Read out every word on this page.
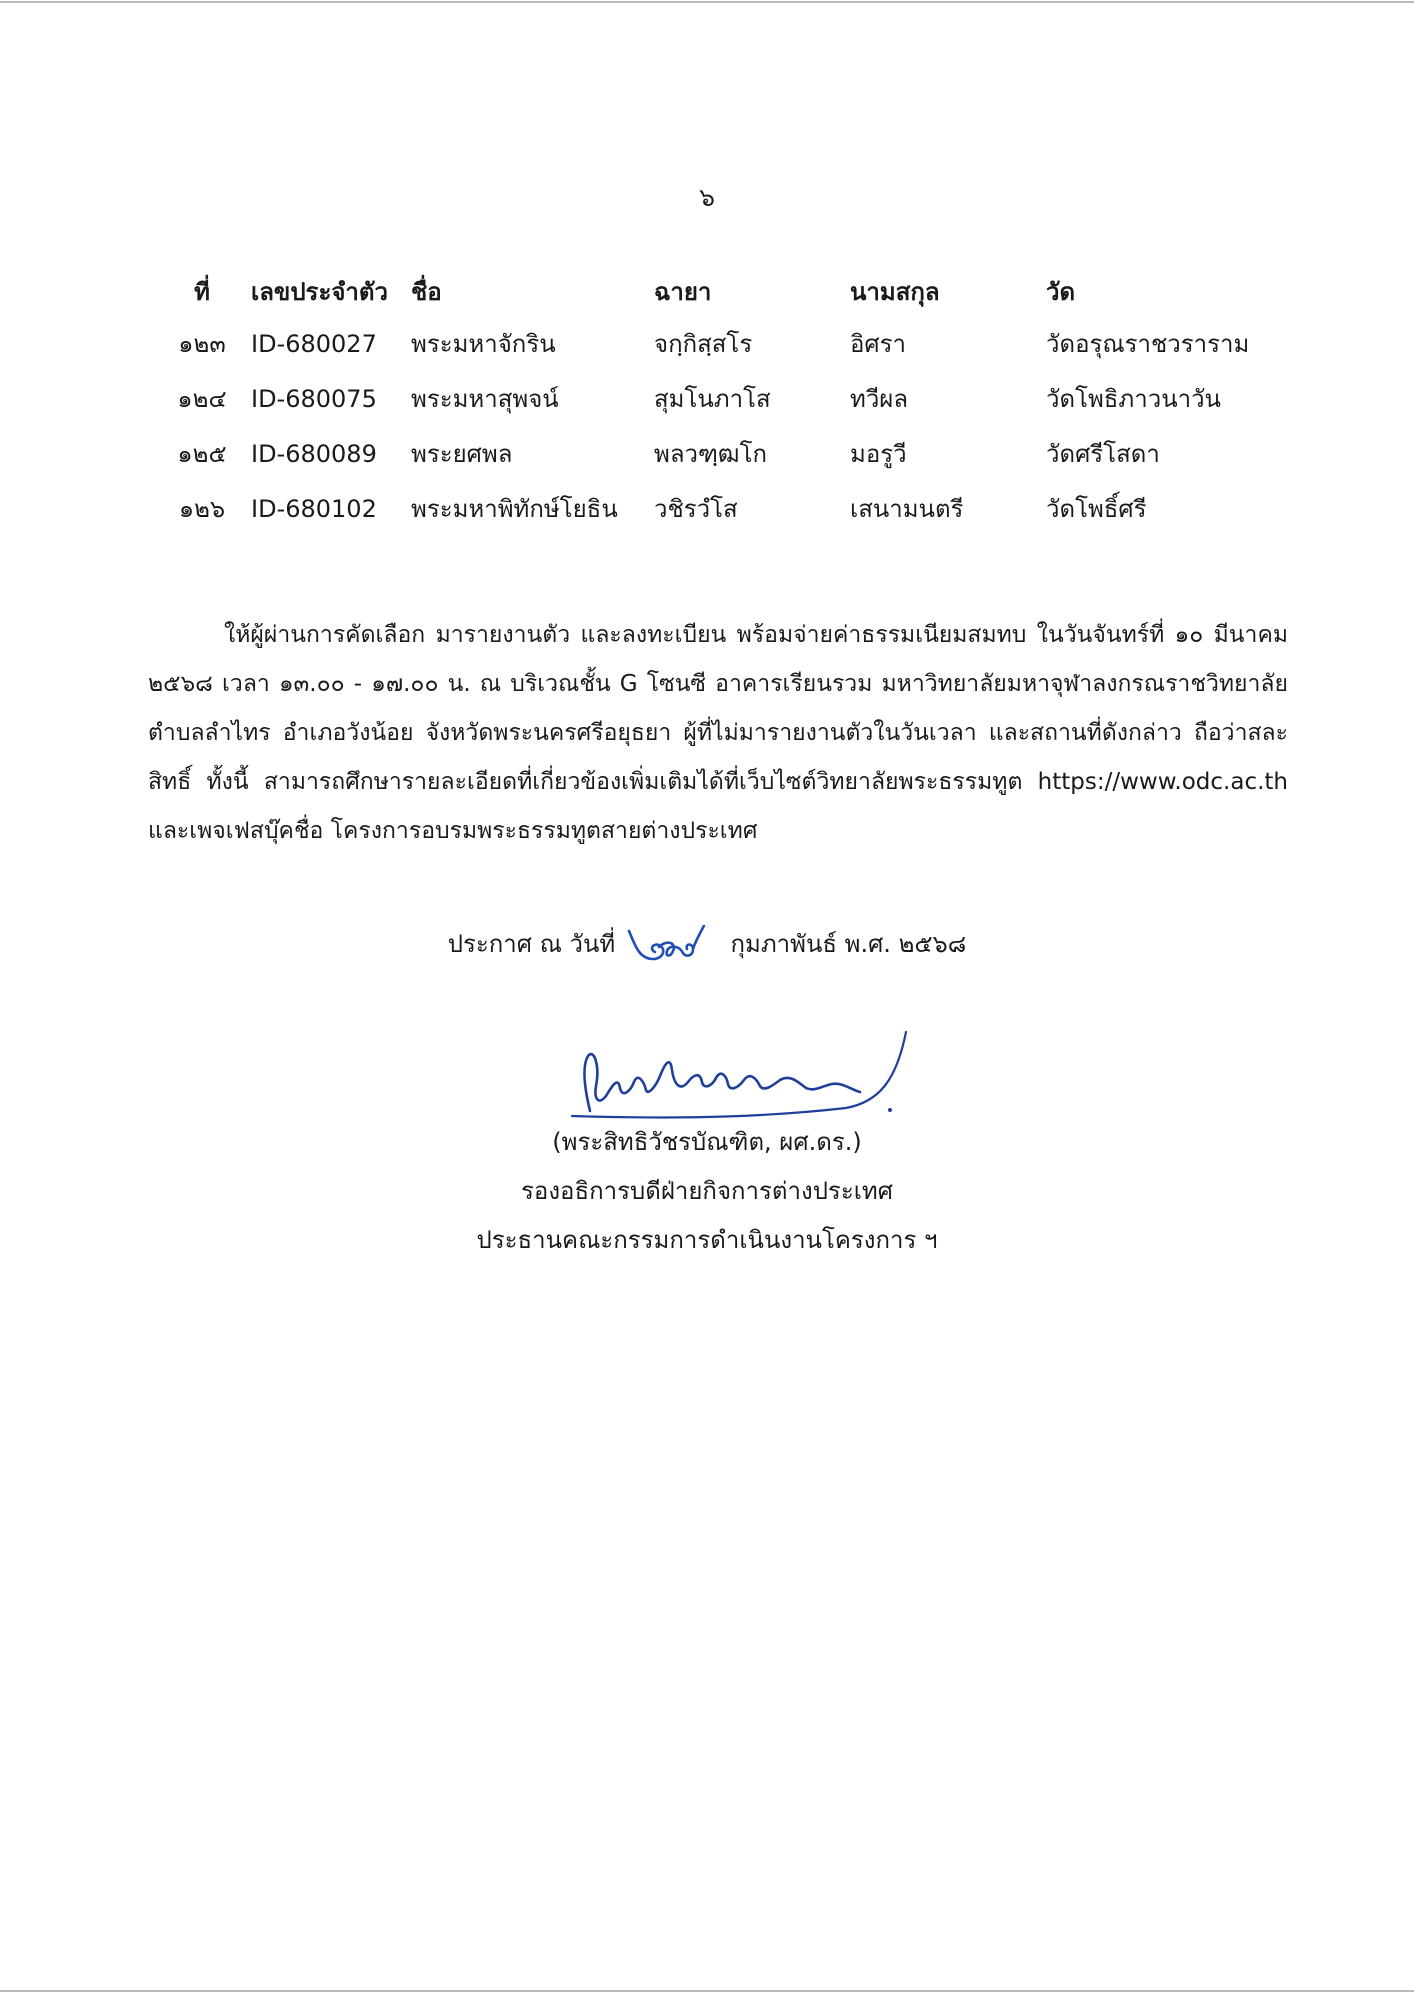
๖
ที่	เลขประจำตัว	ชื่อ	ฉายา	นามสกุล	วัด
๑๒๓	ID-680027	พระมหาจักริน	จกฺกิสฺสโร	อิศรา	วัดอรุณราชวราราม
๑๒๔	ID-680075	พระมหาสุพจน์	สุมโนภาโส	ทวีผล	วัดโพธิภาวนาวัน
๑๒๕	ID-680089	พระยศพล	พลวฑฺฒโก	มอรูวี	วัดศรีโสดา
๑๒๖	ID-680102	พระมหาพิทักษ์โยธิน	วชิรวํโส	เสนามนตรี	วัดโพธิ์ศรี

ให้ผู้ผ่านการคัดเลือก มารายงานตัว และลงทะเบียน พร้อมจ่ายค่าธรรมเนียมสมทบ ในวันจันทร์ที่ ๑๐ มีนาคม ๒๕๖๘ เวลา ๑๓.๐๐ - ๑๗.๐๐ น. ณ บริเวณชั้น G โซนซี อาคารเรียนรวม มหาวิทยาลัยมหาจุฬาลงกรณราชวิทยาลัย ตำบลลำไทร อำเภอวังน้อย จังหวัดพระนครศรีอยุธยา ผู้ที่ไม่มารายงานตัวในวันเวลา และสถานที่ดังกล่าว ถือว่าสละสิทธิ์ ทั้งนี้ สามารถศึกษารายละเอียดที่เกี่ยวข้องเพิ่มเติมได้ที่เว็บไซต์วิทยาลัยพระธรรมทูต https://www.odc.ac.th และเพจเฟสบุ๊คชื่อ โครงการอบรมพระธรรมทูตสายต่างประเทศ

ประกาศ ณ วันที่	กุมภาพันธ์ พ.ศ. ๒๕๖๘
(พระสิทธิวัชรบัณฑิต, ผศ.ดร.)
รองอธิการบดีฝ่ายกิจการต่างประเทศ
ประธานคณะกรรมการดำเนินงานโครงการ ฯ
